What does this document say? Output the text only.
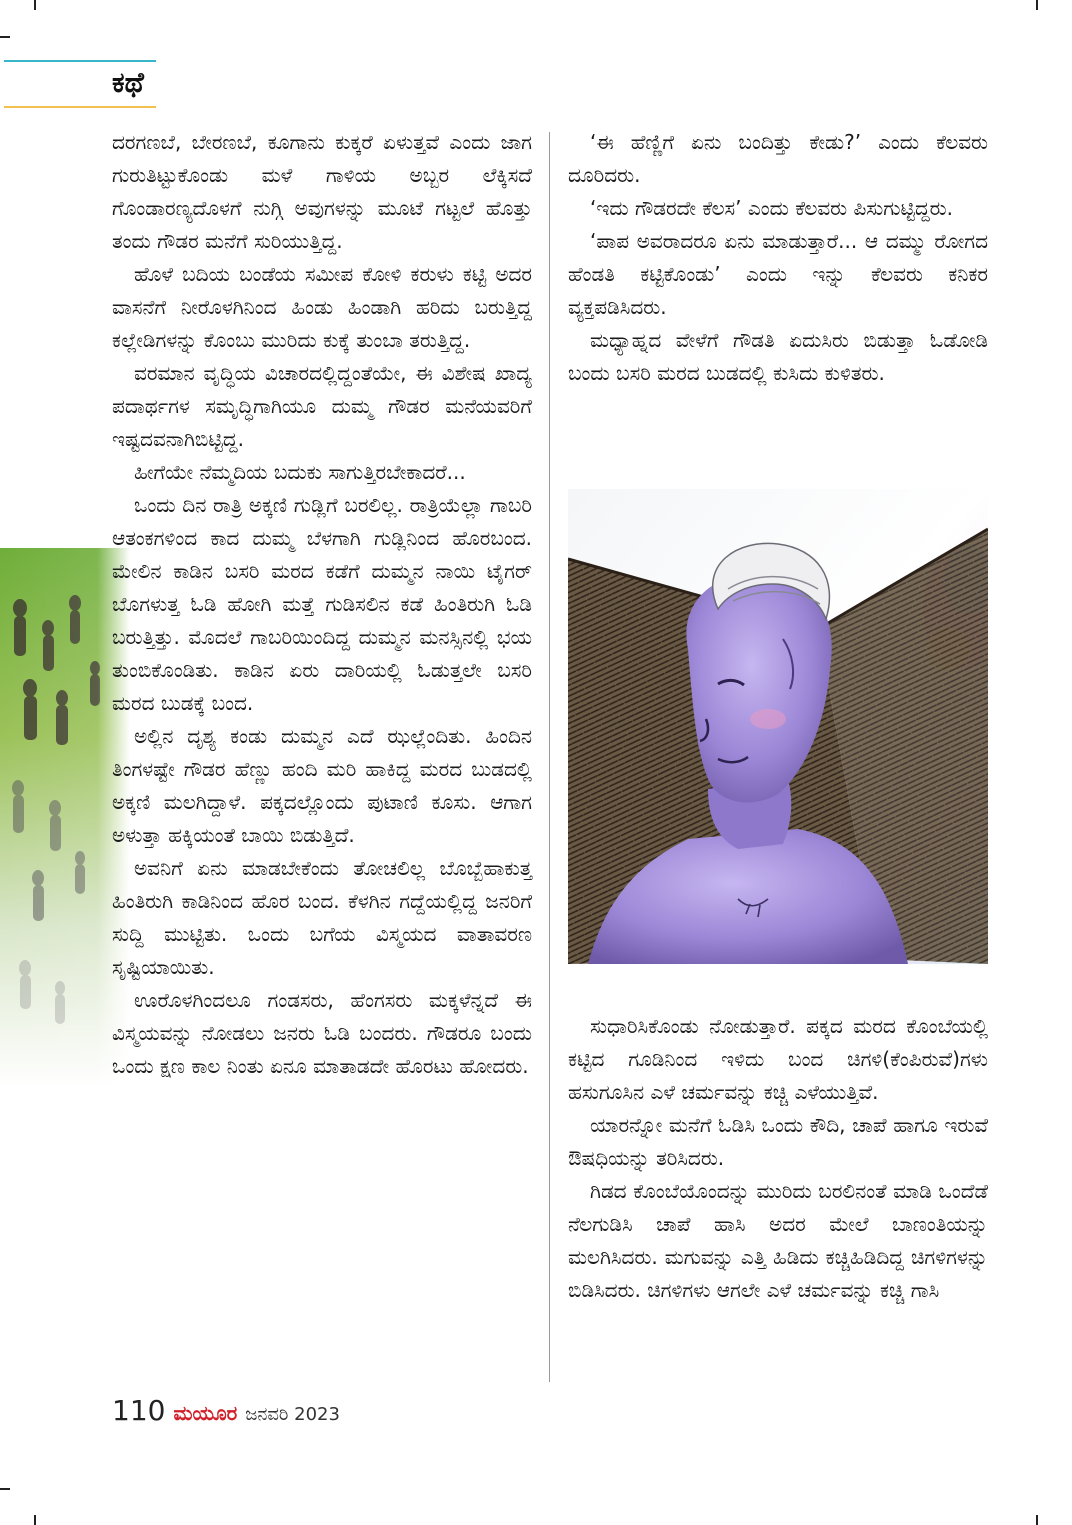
ಕಥೆ

ದರಗಣಬೆ, ಬೇರಣಬೆ, ಕೂಗಾನು ಕುಕ್ಕರೆ ಏಳುತ್ತವೆ ಎಂದು ಜಾಗ ಗುರುತಿಟ್ಟುಕೊಂಡು ಮಳೆ ಗಾಳಿಯ ಅಬ್ಬರ ಲೆಕ್ಕಿಸದೆ ಗೊಂಡಾರಣ್ಯದೊಳಗೆ ನುಗ್ಗಿ ಅವುಗಳನ್ನು ಮೂಟೆ ಗಟ್ಟಲೆ ಹೊತ್ತು ತಂದು ಗೌಡರ ಮನೆಗೆ ಸುರಿಯುತ್ತಿದ್ದ.

ಹೊಳೆ ಬದಿಯ ಬಂಡೆಯ ಸಮೀಪ ಕೋಳಿ ಕರುಳು ಕಟ್ಟಿ ಅದರ ವಾಸನೆಗೆ ನೀರೊಳಗಿನಿಂದ ಹಿಂಡು ಹಿಂಡಾಗಿ ಹರಿದು ಬರುತ್ತಿದ್ದ ಕಲ್ಲೇಡಿಗಳನ್ನು ಕೊಂಬು ಮುರಿದು ಕುಕ್ಕೆ ತುಂಬಾ ತರುತ್ತಿದ್ದ.

ವರಮಾನ ವೃದ್ಧಿಯ ವಿಚಾರದಲ್ಲಿದ್ದಂತೆಯೇ, ಈ ವಿಶೇಷ ಖಾದ್ಯ ಪದಾರ್ಥಗಳ ಸಮೃದ್ಧಿಗಾಗಿಯೂ ದುಮ್ಮ ಗೌಡರ ಮನೆಯವರಿಗೆ ಇಷ್ಟದವನಾಗಿಬಿಟ್ಟಿದ್ದ.

ಹೀಗೆಯೇ ನೆಮ್ಮದಿಯ ಬದುಕು ಸಾಗುತ್ತಿರಬೇಕಾದರೆ...

ಒಂದು ದಿನ ರಾತ್ರಿ ಅಕ್ಕಣಿ ಗುಡ್ಲಿಗೆ ಬರಲಿಲ್ಲ. ರಾತ್ರಿಯೆಲ್ಲಾ ಗಾಬರಿ ಆತಂಕಗಳಿಂದ ಕಾದ ದುಮ್ಮ ಬೆಳಗಾಗಿ ಗುಡ್ಲಿನಿಂದ ಹೊರಬಂದ. ಮೇಲಿನ ಕಾಡಿನ ಬಸರಿ ಮರದ ಕಡೆಗೆ ದುಮ್ಮನ ನಾಯಿ ಟೈಗರ್ ಬೊಗಳುತ್ತ ಓಡಿ ಹೋಗಿ ಮತ್ತೆ ಗುಡಿಸಲಿನ ಕಡೆ ಹಿಂತಿರುಗಿ ಓಡಿ ಬರುತ್ತಿತ್ತು. ಮೊದಲೆ ಗಾಬರಿಯಿಂದಿದ್ದ ದುಮ್ಮನ ಮನಸ್ಸಿನಲ್ಲಿ ಭಯ ತುಂಬಿಕೊಂಡಿತು. ಕಾಡಿನ ಏರು ದಾರಿಯಲ್ಲಿ ಓಡುತ್ತಲೇ ಬಸರಿ ಮರದ ಬುಡಕ್ಕೆ ಬಂದ.

ಅಲ್ಲಿನ ದೃಶ್ಯ ಕಂಡು ದುಮ್ಮನ ಎದೆ ಝಲ್ಲೆಂದಿತು. ಹಿಂದಿನ ತಿಂಗಳಷ್ಟೇ ಗೌಡರ ಹೆಣ್ಣು ಹಂದಿ ಮರಿ ಹಾಕಿದ್ದ ಮರದ ಬುಡದಲ್ಲಿ ಅಕ್ಕಣಿ ಮಲಗಿದ್ದಾಳೆ. ಪಕ್ಕದಲ್ಲೊಂದು ಪುಟಾಣಿ ಕೂಸು. ಆಗಾಗ ಅಳುತ್ತಾ ಹಕ್ಕಿಯಂತೆ ಬಾಯಿ ಬಿಡುತ್ತಿದೆ.

ಅವನಿಗೆ ಏನು ಮಾಡಬೇಕೆಂದು ತೋಚಲಿಲ್ಲ ಬೊಬ್ಬೆಹಾಕುತ್ತ ಹಿಂತಿರುಗಿ ಕಾಡಿನಿಂದ ಹೊರ ಬಂದ. ಕೆಳಗಿನ ಗದ್ದೆಯಲ್ಲಿದ್ದ ಜನರಿಗೆ ಸುದ್ದಿ ಮುಟ್ಟಿತು. ಒಂದು ಬಗೆಯ ವಿಸ್ಮಯದ ವಾತಾವರಣ ಸೃಷ್ಟಿಯಾಯಿತು.

ಊರೊಳಗಿಂದಲೂ ಗಂಡಸರು, ಹೆಂಗಸರು ಮಕ್ಕಳೆನ್ನದೆ ಈ ವಿಸ್ಮಯವನ್ನು ನೋಡಲು ಜನರು ಓಡಿ ಬಂದರು. ಗೌಡರೂ ಬಂದು ಒಂದು ಕ್ಷಣ ಕಾಲ ನಿಂತು ಏನೂ ಮಾತಾಡದೇ ಹೊರಟು ಹೋದರು.

‘ಈ ಹೆಣ್ಣಿಗೆ ಏನು ಬಂದಿತ್ತು ಕೇಡು?’ ಎಂದು ಕೆಲವರು ದೂರಿದರು.

‘ಇದು ಗೌಡರದೇ ಕೆಲಸ’ ಎಂದು ಕೆಲವರು ಪಿಸುಗುಟ್ಟಿದ್ದರು.

‘ಪಾಪ ಅವರಾದರೂ ಏನು ಮಾಡುತ್ತಾರೆ... ಆ ದಮ್ಮು ರೋಗದ ಹೆಂಡತಿ ಕಟ್ಟಿಕೊಂಡು’ ಎಂದು ಇನ್ನು ಕೆಲವರು ಕನಿಕರ ವ್ಯಕ್ತಪಡಿಸಿದರು.

ಮಧ್ಯಾಹ್ನದ ವೇಳೆಗೆ ಗೌಡತಿ ಏದುಸಿರು ಬಿಡುತ್ತಾ ಓಡೋಡಿ ಬಂದು ಬಸರಿ ಮರದ ಬುಡದಲ್ಲಿ ಕುಸಿದು ಕುಳಿತರು.

ಸುಧಾರಿಸಿಕೊಂಡು ನೋಡುತ್ತಾರೆ. ಪಕ್ಕದ ಮರದ ಕೊಂಬೆಯಲ್ಲಿ ಕಟ್ಟಿದ ಗೂಡಿನಿಂದ ಇಳಿದು ಬಂದ ಚಿಗಳಿ(ಕೆಂಪಿರುವೆ)ಗಳು ಹಸುಗೂಸಿನ ಎಳೆ ಚರ್ಮವನ್ನು ಕಚ್ಚಿ ಎಳೆಯುತ್ತಿವೆ.

ಯಾರನ್ನೋ ಮನೆಗೆ ಓಡಿಸಿ ಒಂದು ಕೌದಿ, ಚಾಪೆ ಹಾಗೂ ಇರುವೆ ಔಷಧಿಯನ್ನು ತರಿಸಿದರು.

ಗಿಡದ ಕೊಂಬೆಯೊಂದನ್ನು ಮುರಿದು ಬರಲಿನಂತೆ ಮಾಡಿ ಒಂದೆಡೆ ನೆಲಗುಡಿಸಿ ಚಾಪೆ ಹಾಸಿ ಅದರ ಮೇಲೆ ಬಾಣಂತಿಯನ್ನು ಮಲಗಿಸಿದರು. ಮಗುವನ್ನು ಎತ್ತಿ ಹಿಡಿದು ಕಚ್ಚಿಹಿಡಿದಿದ್ದ ಚಿಗಳಿಗಳನ್ನು ಬಿಡಿಸಿದರು. ಚಿಗಳಿಗಳು ಆಗಲೇ ಎಳೆ ಚರ್ಮವನ್ನು ಕಚ್ಚಿ ಗಾಸಿ

110 ಮಯೂರ ಜನವರಿ 2023
